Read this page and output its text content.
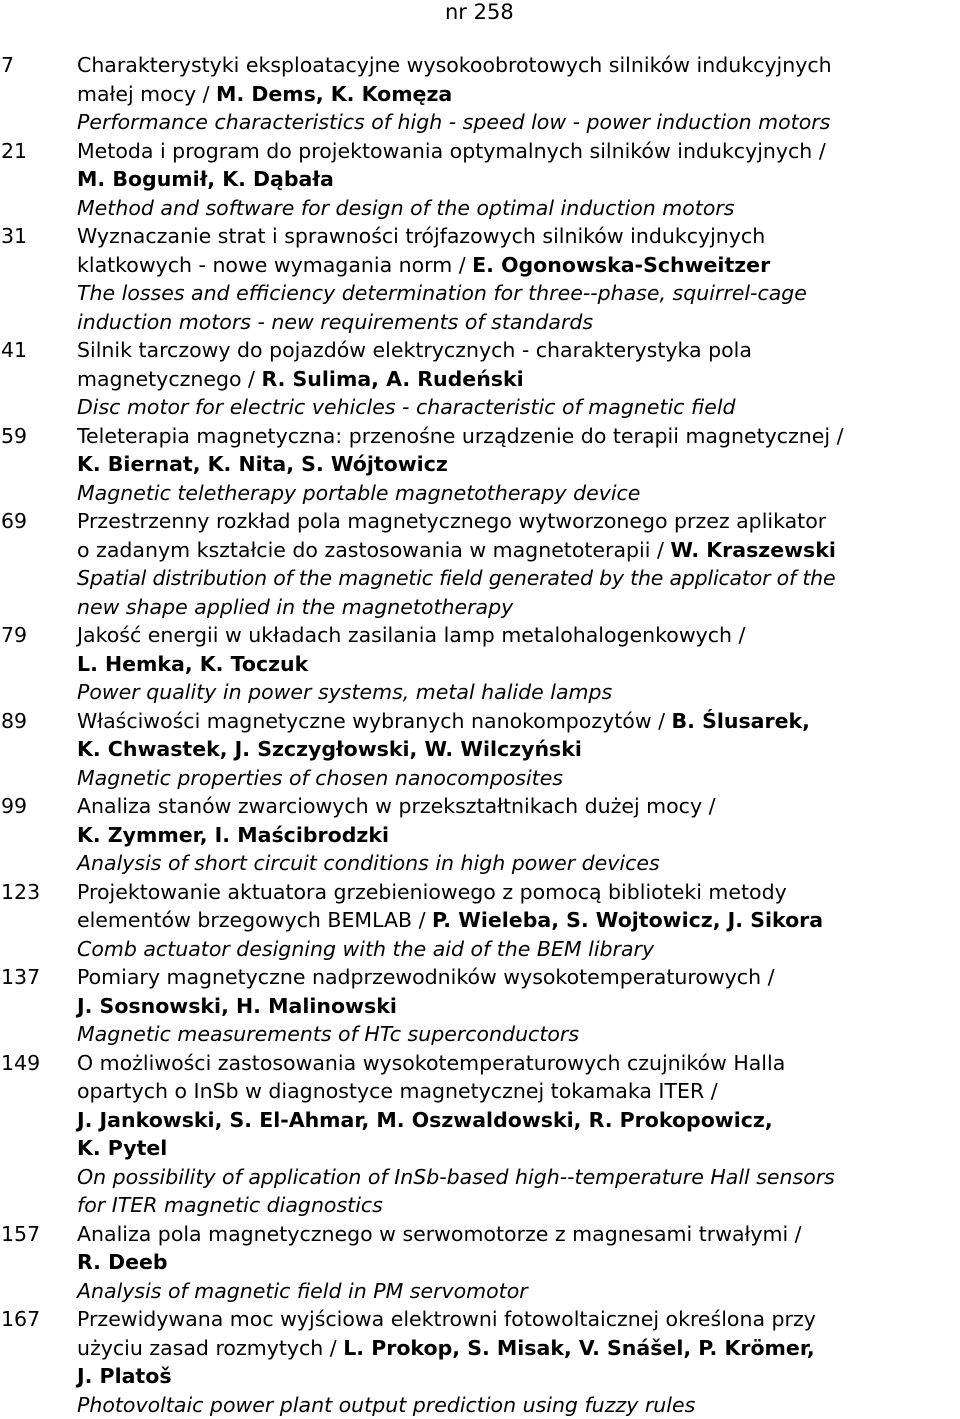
nr 258
7	Charakterystyki eksploatacyjne wysokoobrotowych silników indukcyjnych
małej mocy / M. Dems, K. Komęza
Performance characteristics of high - speed low - power induction motors
21	Metoda i program do projektowania optymalnych silników indukcyjnych /
M. Bogumił, K. Dąbała
Method and software for design of the optimal induction motors
31	Wyznaczanie strat i sprawności trójfazowych silników indukcyjnych
klatkowych - nowe wymagania norm / E. Ogonowska-Schweitzer
The losses and efficiency determination for three--phase, squirrel-cage
induction motors - new requirements of standards
41	Silnik tarczowy do pojazdów elektrycznych - charakterystyka pola
magnetycznego / R. Sulima, A. Rudeński
Disc motor for electric vehicles - characteristic of magnetic field
59	Teleterapia magnetyczna: przenośne urządzenie do terapii magnetycznej /
K. Biernat, K. Nita, S. Wójtowicz
Magnetic teletherapy portable magnetotherapy device
69	Przestrzenny rozkład pola magnetycznego wytworzonego przez aplikator
o zadanym kształcie do zastosowania w magnetoterapii / W. Kraszewski
Spatial distribution of the magnetic field generated by the applicator of the
new shape applied in the magnetotherapy
79	Jakość energii w układach zasilania lamp metalohalogenkowych /
L. Hemka, K. Toczuk
Power quality in power systems, metal halide lamps
89	Właściwości magnetyczne wybranych nanokompozytów / B. Ślusarek,
K. Chwastek, J. Szczygłowski, W. Wilczyński
Magnetic properties of chosen nanocomposites
99	Analiza stanów zwarciowych w przekształtnikach dużej mocy /
K. Zymmer, I. Maścibrodzki
Analysis of short circuit conditions in high power devices
123	Projektowanie aktuatora grzebieniowego z pomocą biblioteki metody
elementów brzegowych BEMLAB / P. Wieleba, S. Wojtowicz, J. Sikora
Comb actuator designing with the aid of the BEM library
137	Pomiary magnetyczne nadprzewodników wysokotemperaturowych /
J. Sosnowski, H. Malinowski
Magnetic measurements of HTc superconductors
149	O możliwości zastosowania wysokotemperaturowych czujników Halla
opartych o InSb w diagnostyce magnetycznej tokamaka ITER /
J. Jankowski, S. El-Ahmar, M. Oszwaldowski, R. Prokopowicz,
K. Pytel
On possibility of application of InSb-based high--temperature Hall sensors
for ITER magnetic diagnostics
157	Analiza pola magnetycznego w serwomotorze z magnesami trwałymi /
R. Deeb
Analysis of magnetic field in PM servomotor
167	Przewidywana moc wyjściowa elektrowni fotowoltaicznej określona przy
użyciu zasad rozmytych / L. Prokop, S. Misak, V. Snášel, P. Krömer,
J. Platoš
Photovoltaic power plant output prediction using fuzzy rules
